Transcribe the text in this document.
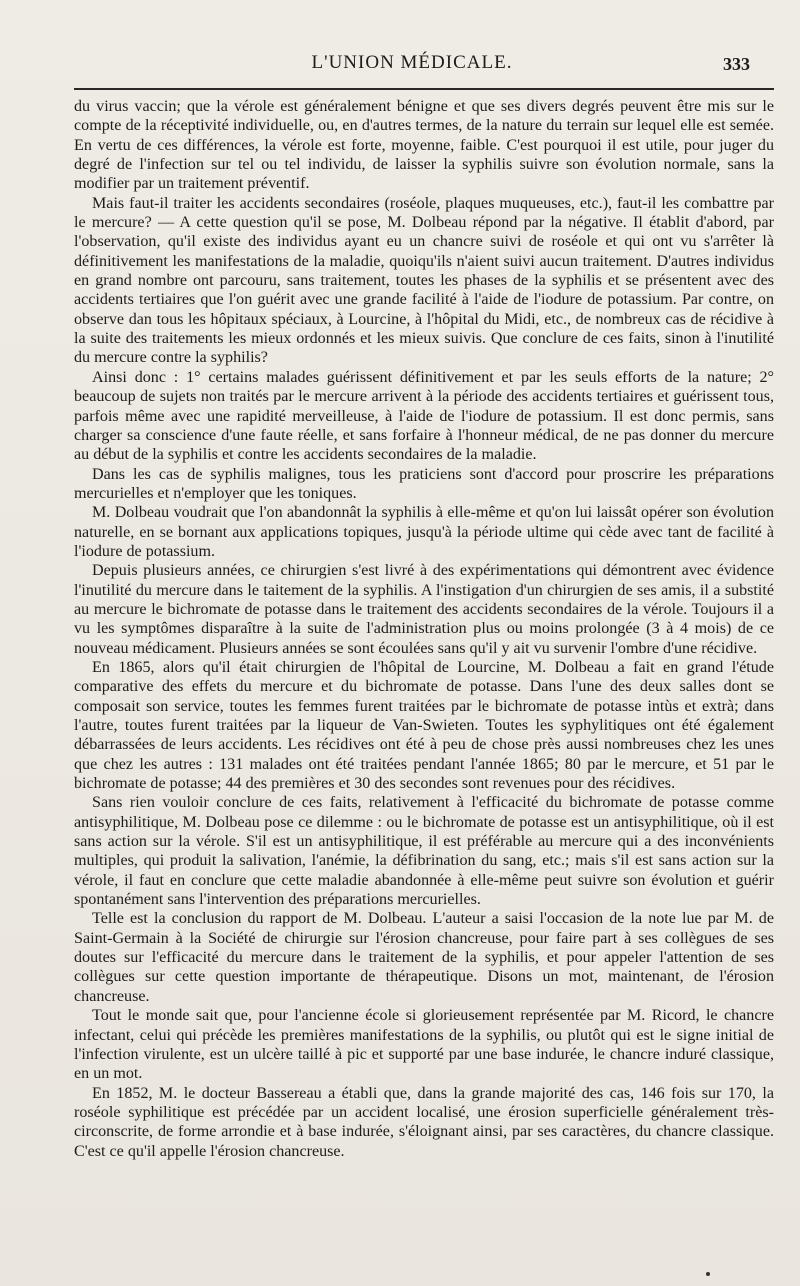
L'UNION MÉDICALE.	333

du virus vaccin; que la vérole est généralement bénigne et que ses divers degrés peuvent être mis sur le compte de la réceptivité individuelle, ou, en d'autres termes, de la nature du terrain sur lequel elle est semée. En vertu de ces différences, la vérole est forte, moyenne, faible. C'est pourquoi il est utile, pour juger du degré de l'infection sur tel ou tel individu, de laisser la syphilis suivre son évolution normale, sans la modifier par un traitement préventif.

Mais faut-il traiter les accidents secondaires (roséole, plaques muqueuses, etc.), faut-il les combattre par le mercure? — A cette question qu'il se pose, M. Dolbeau répond par la négative. Il établit d'abord, par l'observation, qu'il existe des individus ayant eu un chancre suivi de roséole et qui ont vu s'arrêter là définitivement les manifestations de la maladie, quoiqu'ils n'aient suivi aucun traitement. D'autres individus en grand nombre ont parcouru, sans traitement, toutes les phases de la syphilis et se présentent avec des accidents tertiaires que l'on guérit avec une grande facilité à l'aide de l'iodure de potassium. Par contre, on observe dan tous les hôpitaux spéciaux, à Lourcine, à l'hôpital du Midi, etc., de nombreux cas de récidive à la suite des traitements les mieux ordonnés et les mieux suivis. Que conclure de ces faits, sinon à l'inutilité du mercure contre la syphilis?

Ainsi donc : 1° certains malades guérissent définitivement et par les seuls efforts de la nature; 2° beaucoup de sujets non traités par le mercure arrivent à la période des accidents tertiaires et guérissent tous, parfois même avec une rapidité merveilleuse, à l'aide de l'iodure de potassium. Il est donc permis, sans charger sa conscience d'une faute réelle, et sans forfaire à l'honneur médical, de ne pas donner du mercure au début de la syphilis et contre les accidents secondaires de la maladie.

Dans les cas de syphilis malignes, tous les praticiens sont d'accord pour proscrire les préparations mercurielles et n'employer que les toniques.

M. Dolbeau voudrait que l'on abandonnât la syphilis à elle-même et qu'on lui laissât opérer son évolution naturelle, en se bornant aux applications topiques, jusqu'à la période ultime qui cède avec tant de facilité à l'iodure de potassium.

Depuis plusieurs années, ce chirurgien s'est livré à des expérimentations qui démontrent avec évidence l'inutilité du mercure dans le taitement de la syphilis. A l'instigation d'un chirurgien de ses amis, il a substité au mercure le bichromate de potasse dans le traitement des accidents secondaires de la vérole. Toujours il a vu les symptômes disparaître à la suite de l'administration plus ou moins prolongée (3 à 4 mois) de ce nouveau médicament. Plusieurs années se sont écoulées sans qu'il y ait vu survenir l'ombre d'une récidive.

En 1865, alors qu'il était chirurgien de l'hôpital de Lourcine, M. Dolbeau a fait en grand l'étude comparative des effets du mercure et du bichromate de potasse. Dans l'une des deux salles dont se composait son service, toutes les femmes furent traitées par le bichromate de potasse intùs et extrà; dans l'autre, toutes furent traitées par la liqueur de Van-Swieten. Toutes les syphylitiques ont été également débarrassées de leurs accidents. Les récidives ont été à peu de chose près aussi nombreuses chez les unes que chez les autres : 131 malades ont été traitées pendant l'année 1865; 80 par le mercure, et 51 par le bichromate de potasse; 44 des premières et 30 des secondes sont revenues pour des récidives.

Sans rien vouloir conclure de ces faits, relativement à l'efficacité du bichromate de potasse comme antisyphilitique, M. Dolbeau pose ce dilemme : ou le bichromate de potasse est un antisyphilitique, où il est sans action sur la vérole. S'il est un antisyphilitique, il est préférable au mercure qui a des inconvénients multiples, qui produit la salivation, l'anémie, la défibrination du sang, etc.; mais s'il est sans action sur la vérole, il faut en conclure que cette maladie abandonnée à elle-même peut suivre son évolution et guérir spontanément sans l'intervention des préparations mercurielles.

Telle est la conclusion du rapport de M. Dolbeau. L'auteur a saisi l'occasion de la note lue par M. de Saint-Germain à la Société de chirurgie sur l'érosion chancreuse, pour faire part à ses collègues de ses doutes sur l'efficacité du mercure dans le traitement de la syphilis, et pour appeler l'attention de ses collègues sur cette question importante de thérapeutique. Disons un mot, maintenant, de l'érosion chancreuse.

Tout le monde sait que, pour l'ancienne école si glorieusement représentée par M. Ricord, le chancre infectant, celui qui précède les premières manifestations de la syphilis, ou plutôt qui est le signe initial de l'infection virulente, est un ulcère taillé à pic et supporté par une base indurée, le chancre induré classique, en un mot.

En 1852, M. le docteur Bassereau a établi que, dans la grande majorité des cas, 146 fois sur 170, la roséole syphilitique est précédée par un accident localisé, une érosion superficielle généralement très-circonscrite, de forme arrondie et à base indurée, s'éloignant ainsi, par ses caractères, du chancre classique. C'est ce qu'il appelle l'érosion chancreuse.
